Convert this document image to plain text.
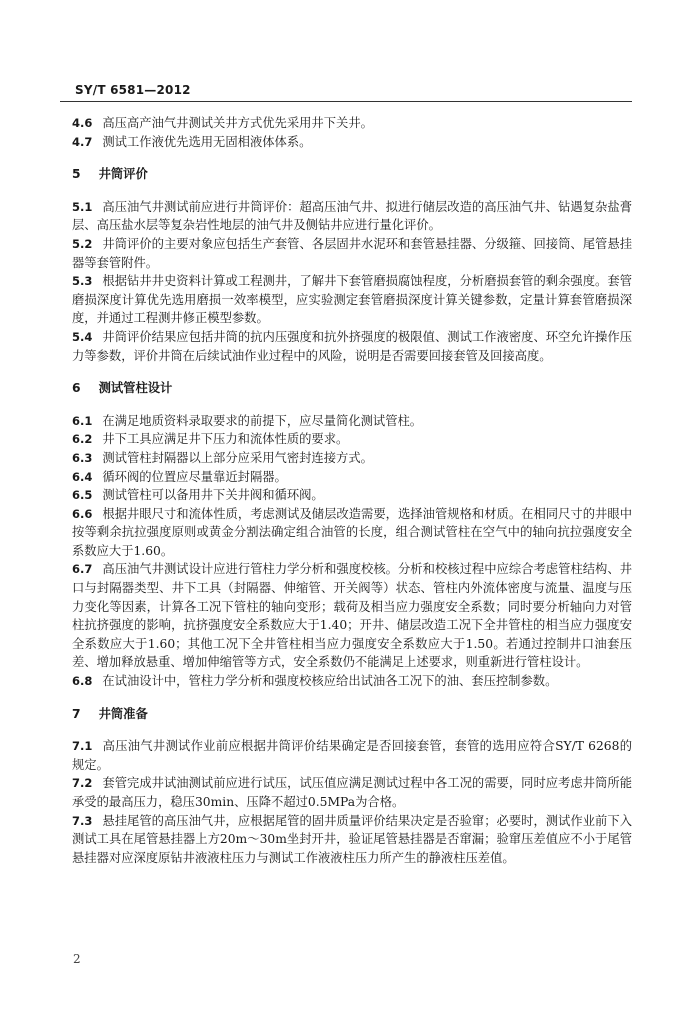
SY/T 6581—2012

4.6 高压高产油气井测试关井方式优先采用井下关井。

4.7 测试工作液优先选用无固相液体体系。

5 井筒评价

5.1 高压油气井测试前应进行井筒评价：超高压油气井、拟进行储层改造的高压油气井、钻遇复杂盐膏层、高压盐水层等复杂岩性地层的油气井及侧钻井应进行量化评价。

5.2 井筒评价的主要对象应包括生产套管、各层固井水泥环和套管悬挂器、分级箍、回接筒、尾管悬挂器等套管附件。

5.3 根据钻井井史资料计算或工程测井，了解井下套管磨损腐蚀程度，分析磨损套管的剩余强度。套管磨损深度计算优先选用磨损一效率模型，应实验测定套管磨损深度计算关键参数，定量计算套管磨损深度，并通过工程测井修正模型参数。

5.4 井筒评价结果应包括井筒的抗内压强度和抗外挤强度的极限值、测试工作液密度、环空允许操作压力等参数，评价井筒在后续试油作业过程中的风险，说明是否需要回接套管及回接高度。

6 测试管柱设计

6.1 在满足地质资料录取要求的前提下，应尽量简化测试管柱。

6.2 井下工具应满足井下压力和流体性质的要求。

6.3 测试管柱封隔器以上部分应采用气密封连接方式。

6.4 循环阀的位置应尽量靠近封隔器。

6.5 测试管柱可以备用井下关井阀和循环阀。

6.6 根据井眼尺寸和流体性质，考虑测试及储层改造需要，选择油管规格和材质。在相同尺寸的井眼中按等剩余抗拉强度原则或黄金分割法确定组合油管的长度，组合测试管柱在空气中的轴向抗拉强度安全系数应大于1.60。

6.7 高压油气井测试设计应进行管柱力学分析和强度校核。分析和校核过程中应综合考虑管柱结构、井口与封隔器类型、井下工具（封隔器、伸缩管、开关阀等）状态、管柱内外流体密度与流量、温度与压力变化等因素，计算各工况下管柱的轴向变形；载荷及相当应力强度安全系数；同时要分析轴向力对管柱抗挤强度的影响，抗挤强度安全系数应大于1.40；开井、储层改造工况下全井管柱的相当应力强度安全系数应大于1.60；其他工况下全井管柱相当应力强度安全系数应大于1.50。若通过控制井口油套压差、增加释放悬重、增加伸缩管等方式，安全系数仍不能满足上述要求，则重新进行管柱设计。

6.8 在试油设计中，管柱力学分析和强度校核应给出试油各工况下的油、套压控制参数。

7 井筒准备

7.1 高压油气井测试作业前应根据井筒评价结果确定是否回接套管，套管的选用应符合SY/T 6268的规定。

7.2 套管完成井试油测试前应进行试压，试压值应满足测试过程中各工况的需要，同时应考虑井筒所能承受的最高压力，稳压30min、压降不超过0.5MPa为合格。

7.3 悬挂尾管的高压油气井，应根据尾管的固井质量评价结果决定是否验窜；必要时，测试作业前下入测试工具在尾管悬挂器上方20m～30m坐封开井，验证尾管悬挂器是否窜漏；验窜压差值应不小于尾管悬挂器对应深度原钻井液液柱压力与测试工作液液柱压力所产生的静液柱压差值。

2
